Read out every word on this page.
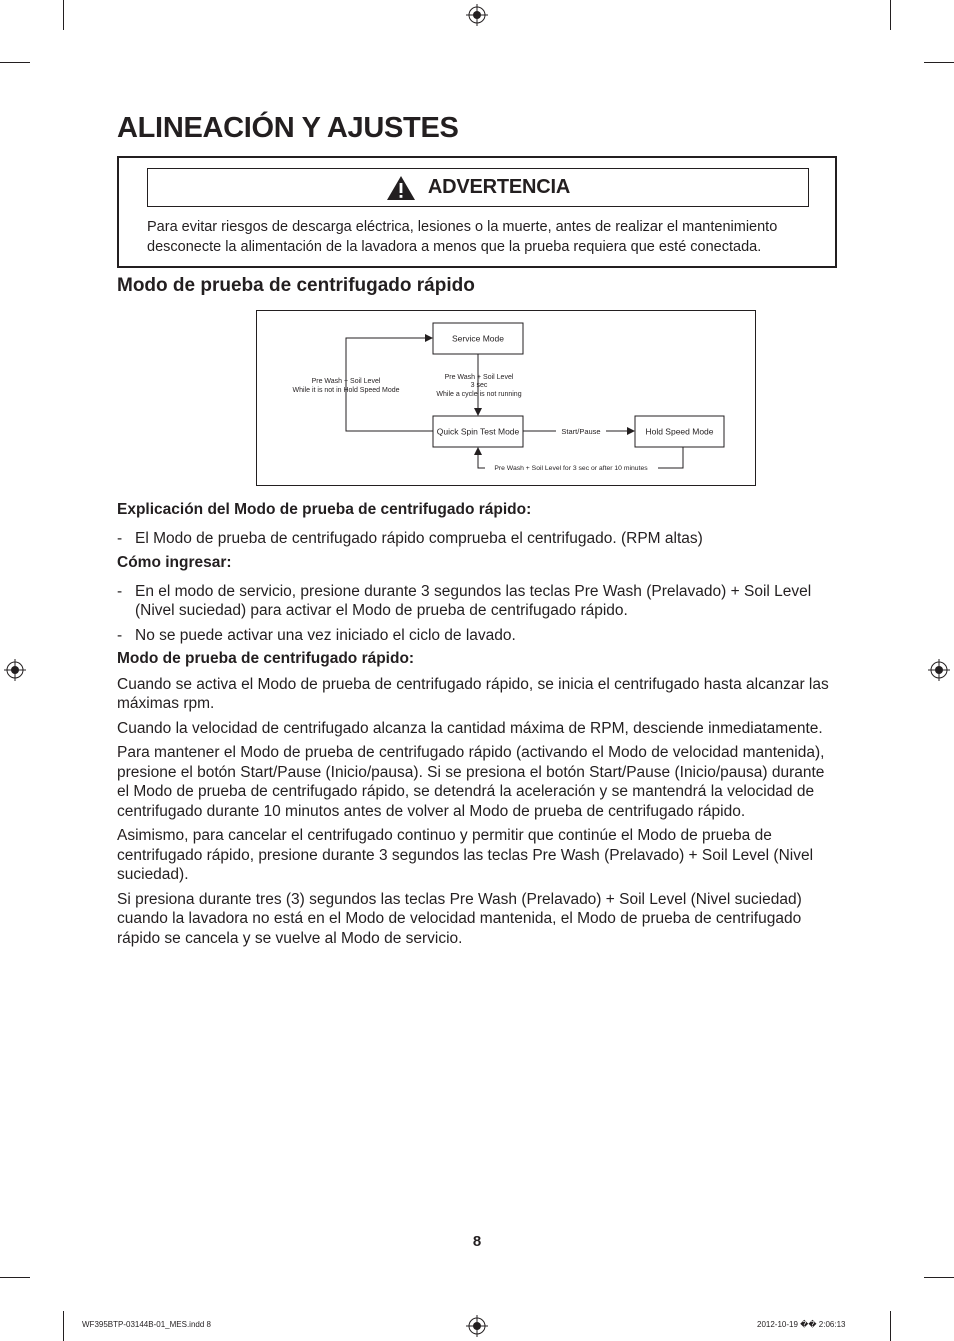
ALINEACIÓN Y AJUSTES
ADVERTENCIA
Para evitar riesgos de descarga eléctrica, lesiones o la muerte, antes de realizar el mantenimiento desconecte la alimentación de la lavadora a menos que la prueba requiera que esté conectada.
Modo de prueba de centrifugado rápido
Service Mode
Quick Spin Test Mode	Hold Speed Mode
Pre Wash + Soil Level
3 sec
While a cycle is not running
Pre Wash + Soil Level
While it is not in Hold Speed Mode
Start/Pause
Pre Wash + Soil Level for 3 sec or after 10 minutes

Explicación del Modo de prueba de centrifugado rápido:

- El Modo de prueba de centrifugado rápido comprueba el centrifugado. (RPM altas)

Cómo ingresar:

- En el modo de servicio, presione durante 3 segundos las teclas Pre Wash (Prelavado) + Soil Level (Nivel suciedad) para activar el Modo de prueba de centrifugado rápido.
- No se puede activar una vez iniciado el ciclo de lavado.

Modo de prueba de centrifugado rápido:

Cuando se activa el Modo de prueba de centrifugado rápido, se inicia el centrifugado hasta alcanzar las máximas rpm.

Cuando la velocidad de centrifugado alcanza la cantidad máxima de RPM, desciende inmediatamente.

Para mantener el Modo de prueba de centrifugado rápido (activando el Modo de velocidad mantenida), presione el botón Start/Pause (Inicio/pausa). Si se presiona el botón Start/Pause (Inicio/pausa) durante el Modo de prueba de centrifugado rápido, se detendrá la aceleración y se mantendrá la velocidad de centrifugado durante 10 minutos antes de volver al Modo de prueba de centrifugado rápido.

Asimismo, para cancelar el centrifugado continuo y permitir que continúe el Modo de prueba de centrifugado rápido, presione durante 3 segundos las teclas Pre Wash (Prelavado) + Soil Level (Nivel suciedad).

Si presiona durante tres (3) segundos las teclas Pre Wash (Prelavado) + Soil Level (Nivel suciedad) cuando la lavadora no está en el Modo de velocidad mantenida, el Modo de prueba de centrifugado rápido se cancela y se vuelve al Modo de servicio.

8
WF395BTP-03144B-01_MES.indd 8	2012-10-19 �� 2:06:13
